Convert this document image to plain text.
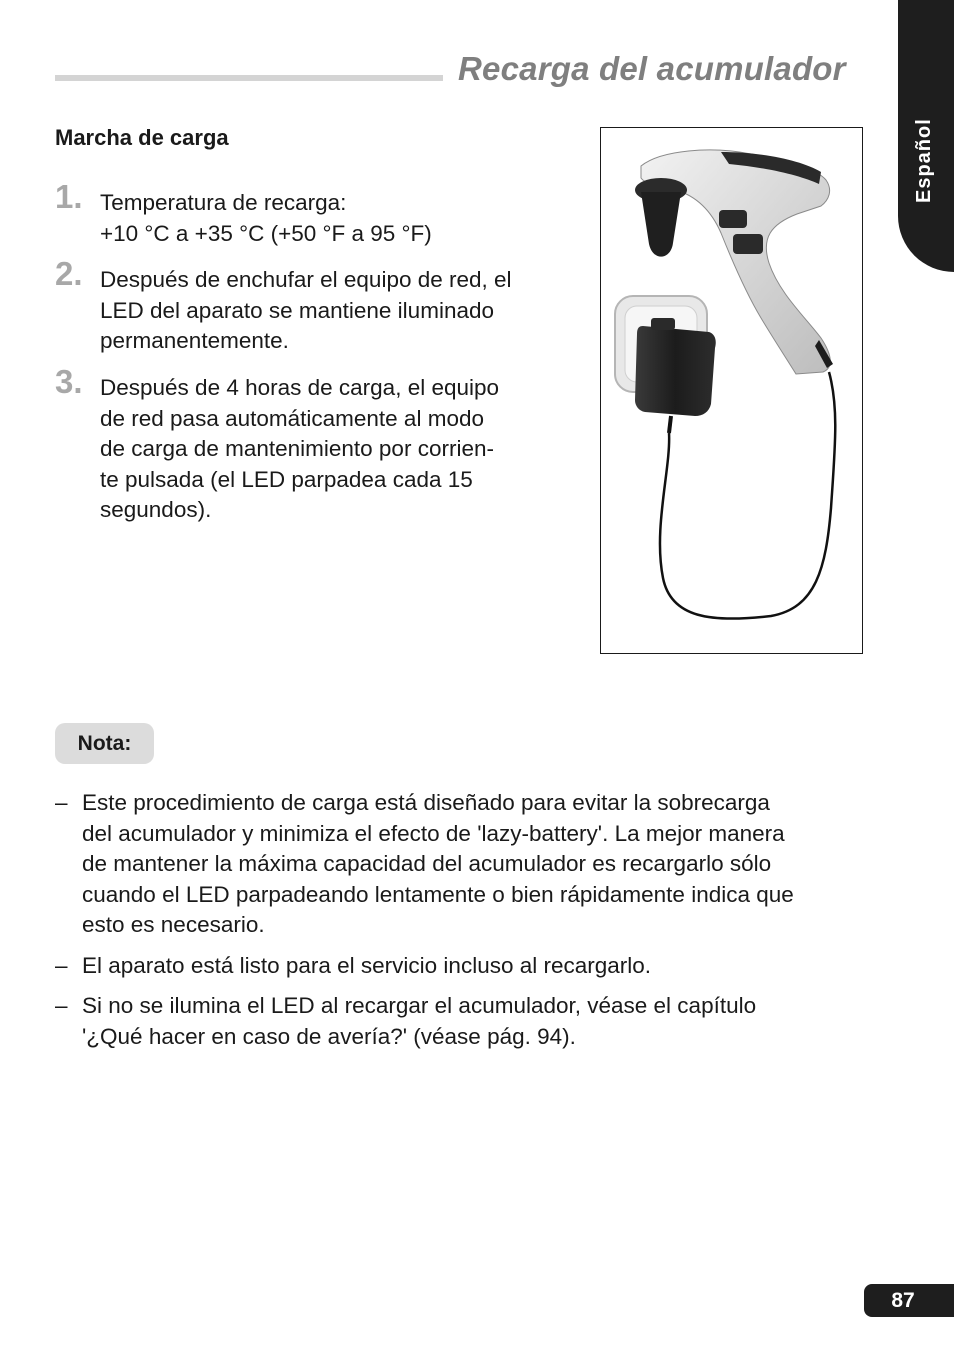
Recarga del acumulador
Español
Marcha de carga
1. Temperatura de recarga:
+10 °C a +35 °C (+50 °F a 95 °F)
2. Después de enchufar el equipo de red, el
LED del aparato se mantiene iluminado
permanentemente.
3. Después de 4 horas de carga, el equipo
de red pasa automáticamente al modo
de carga de mantenimiento por corrien-
te pulsada (el LED parpadea cada 15
segundos).
Nota:
– Este procedimiento de carga está diseñado para evitar la sobrecarga
del acumulador y minimiza el efecto de 'lazy-battery'. La mejor manera
de mantener la máxima capacidad del acumulador es recargarlo sólo
cuando el LED parpadeando lentamente o bien rápidamente indica que
esto es necesario.
– El aparato está listo para el servicio incluso al recargarlo.
– Si no se ilumina el LED al recargar el acumulador, véase el capítulo
'¿Qué hacer en caso de avería?' (véase pág. 94).
87
